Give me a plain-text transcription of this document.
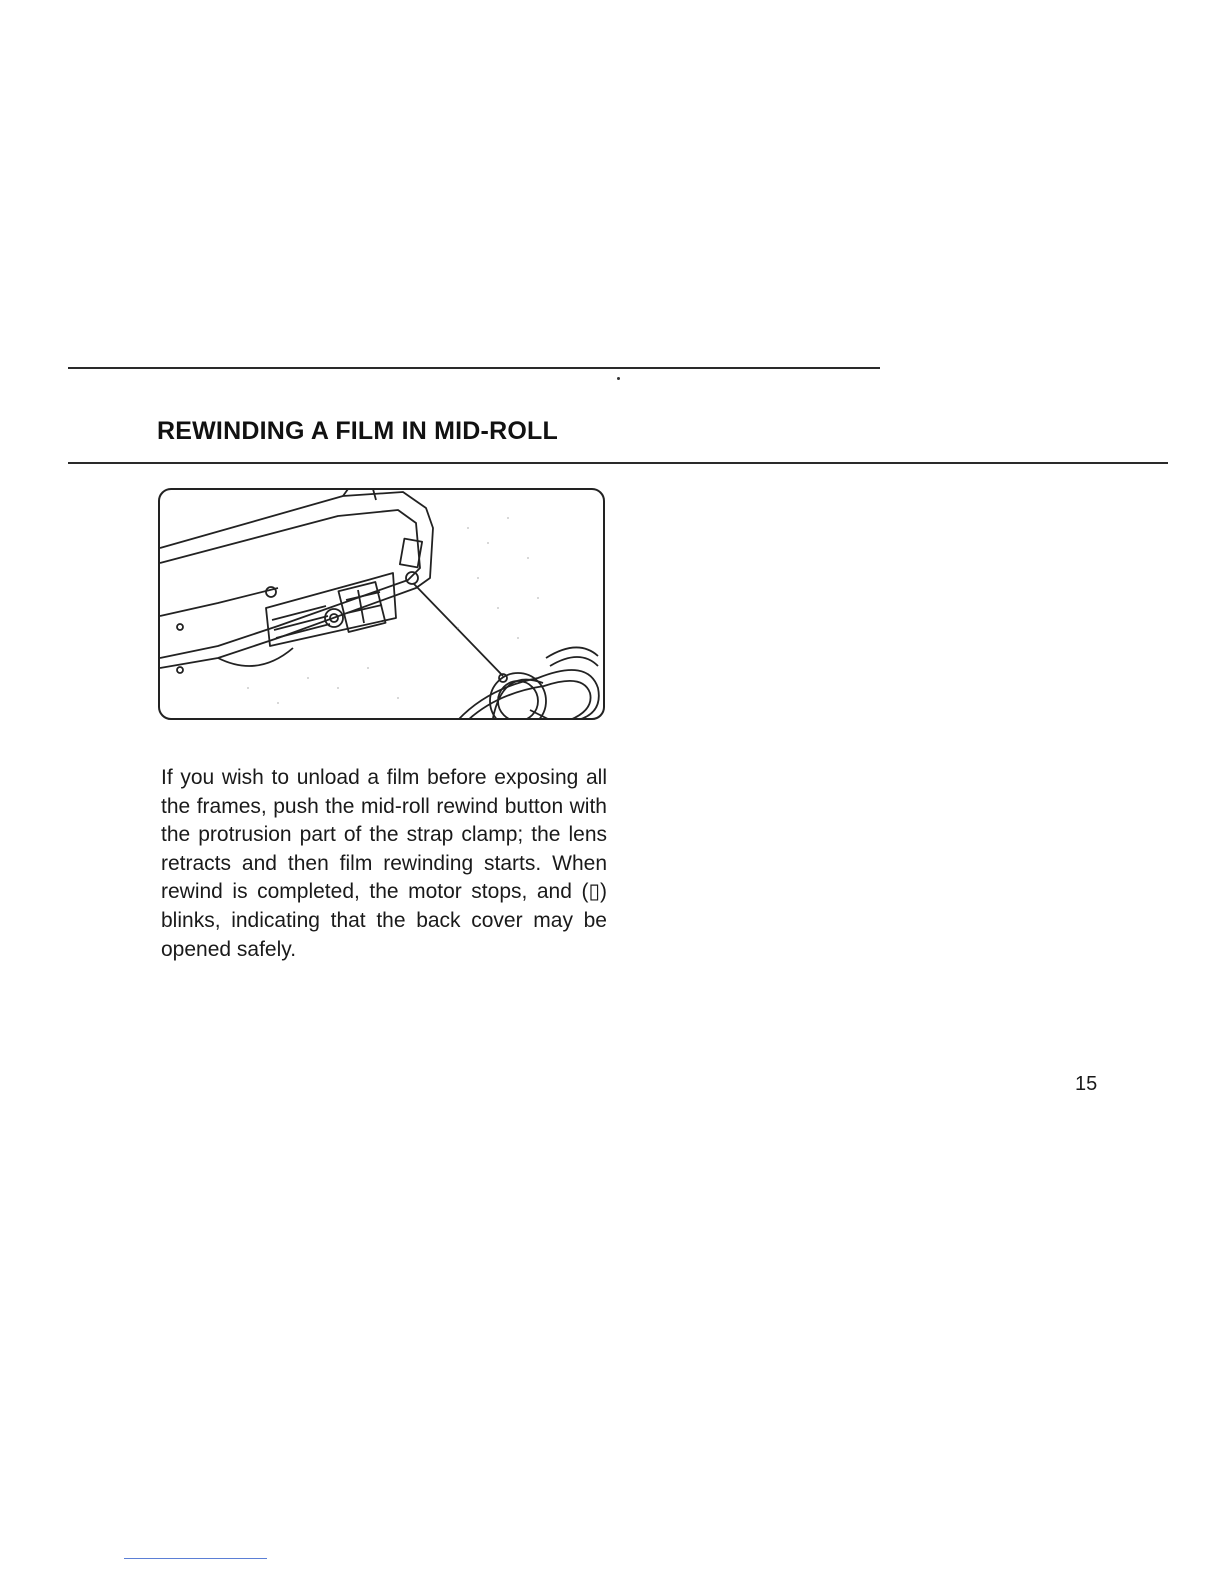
REWINDING A FILM IN MID-ROLL

If you wish to unload a film before exposing all the frames, push the mid-roll rewind button with the protrusion part of the strap clamp; the lens retracts and then film rewinding starts. When rewind is completed, the motor stops, and (▯) blinks, indicating that the back cover may be opened safely.

15
